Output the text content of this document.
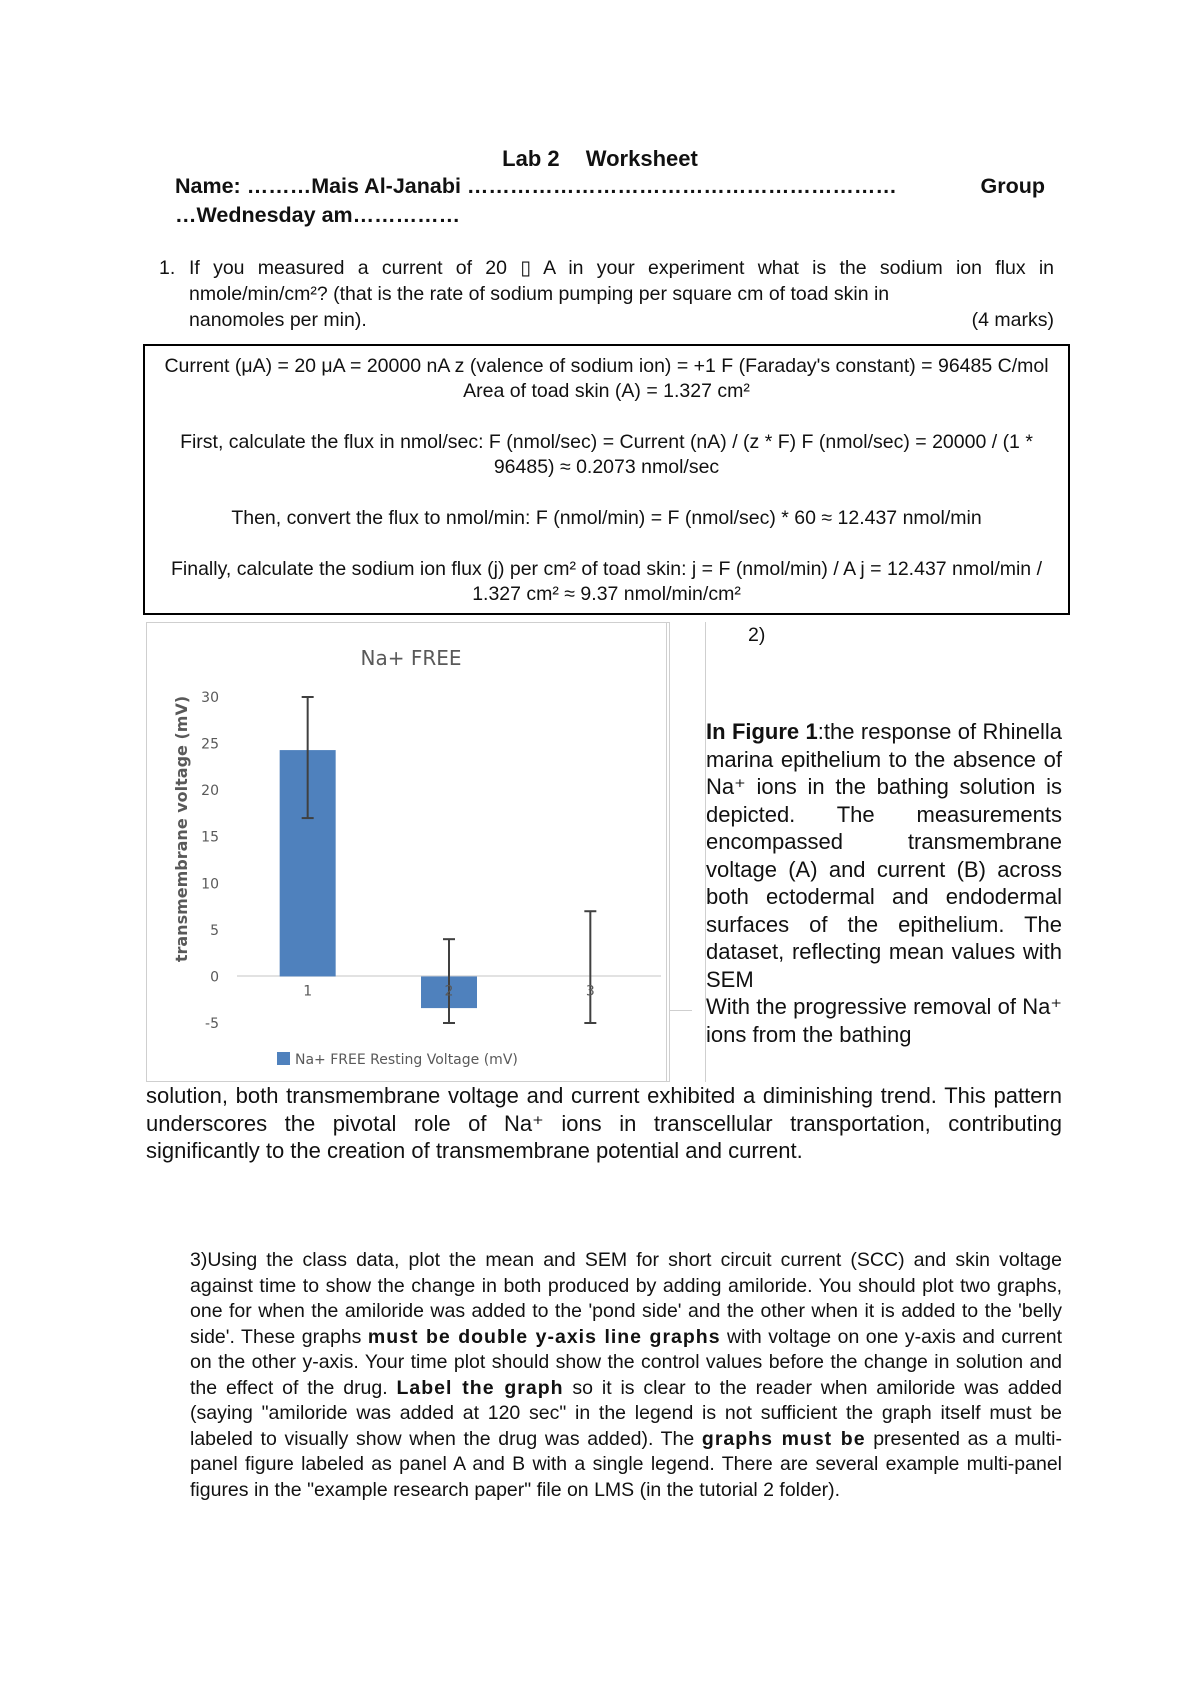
Lab 2 Worksheet
Name: ………Mais Al-Janabi ……………………………………………………	Group
…Wednesday am……………
1. If you measured a current of 20 ▯ A in your experiment what is the sodium ion flux in nmole/min/cm²? (that is the rate of sodium pumping per square cm of toad skin in
nanomoles per min).	(4 marks)

Current (μA) = 20 μA = 20000 nA z (valence of sodium ion) = +1 F (Faraday's constant) = 96485 C/mol Area of toad skin (A) = 1.327 cm²

First, calculate the flux in nmol/sec: F (nmol/sec) = Current (nA) / (z * F) F (nmol/sec) = 20000 / (1 * 96485) ≈ 0.2073 nmol/sec

Then, convert the flux to nmol/min: F (nmol/min) = F (nmol/sec) * 60 ≈ 12.437 nmol/min

Finally, calculate the sodium ion flux (j) per cm² of toad skin: j = F (nmol/min) / A j = 12.437 nmol/min / 1.327 cm² ≈ 9.37 nmol/min/cm²

Na+ FREE
-5
0
5
10
15
20
25
30
1	2	3
transmembrane voltage (mV)
Na+ FREE Resting Voltage (mV)
2)

In Figure 1:the response of Rhinella marina epithelium to the absence of Na⁺ ions in the bathing solution is depicted. The measurements encompassed transmembrane voltage (A) and current (B) across both ectodermal and endodermal surfaces of the epithelium. The dataset, reflecting mean values with SEM

With the progressive removal of Na⁺ ions from the bathing

solution, both transmembrane voltage and current exhibited a diminishing trend. This pattern underscores the pivotal role of Na⁺ ions in transcellular transportation, contributing significantly to the creation of transmembrane potential and current.
3)Using the class data, plot the mean and SEM for short circuit current (SCC) and skin voltage against time to show the change in both produced by adding amiloride. You should plot two graphs, one for when the amiloride was added to the 'pond side' and the other when it is added to the 'belly side'. These graphs must be double y-axis line graphs with voltage on one y-axis and current on the other y-axis. Your time plot should show the control values before the change in solution and the effect of the drug. Label the graph so it is clear to the reader when amiloride was added (saying "amiloride was added at 120 sec" in the legend is not sufficient the graph itself must be labeled to visually show when the drug was added). The graphs must be presented as a multi-panel figure labeled as panel A and B with a single legend. There are several example multi-panel figures in the "example research paper" file on LMS (in the tutorial 2 folder).
